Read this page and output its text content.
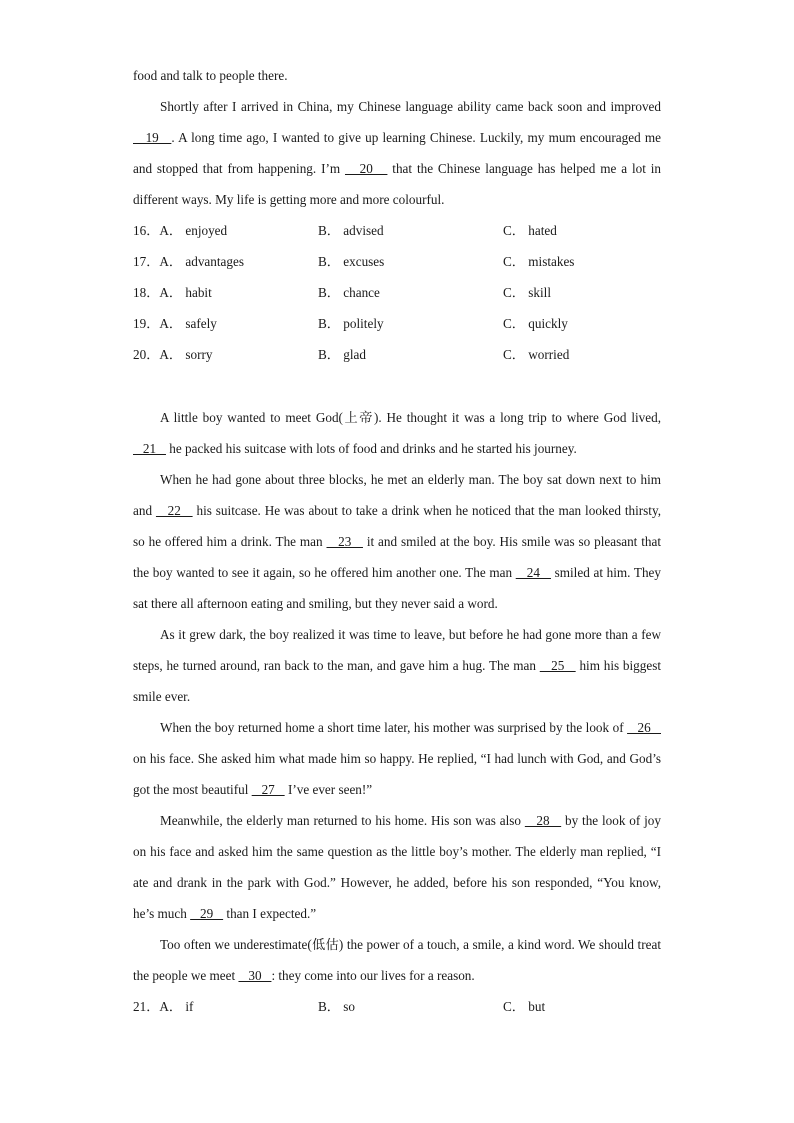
food and talk to people there.

Shortly after I arrived in China, my Chinese language ability came back soon and improved    19   . A long time ago, I wanted to give up learning Chinese. Luckily, my mum encouraged me and stopped that from happening. I’m    20    that the Chinese language has helped me a lot in different ways. My life is getting more and more colourful.

16．A． enjoyed	B． advised	C． hated
17．A． advantages	B． excuses	C． mistakes
18．A． habit	B． chance	C． skill
19．A． safely	B． politely	C． quickly
20．A． sorry	B． glad	C． worried

A little boy wanted to meet God(上帝). He thought it was a long trip to where God lived,    21    he packed his suitcase with lots of food and drinks and he started his journey.

When he had gone about three blocks, he met an elderly man. The boy sat down next to him and    22    his suitcase. He was about to take a drink when he noticed that the man looked thirsty, so he offered him a drink. The man    23    it and smiled at the boy. His smile was so pleasant that the boy wanted to see it again, so he offered him another one. The man    24    smiled at him. They sat there all afternoon eating and smiling, but they never said a word.

As it grew dark, the boy realized it was time to leave, but before he had gone more than a few steps, he turned around, ran back to the man, and gave him a hug. The man    25    him his biggest smile ever.

When the boy returned home a short time later, his mother was surprised by the look of    26    on his face. She asked him what made him so happy. He replied, “I had lunch with God, and God’s got the most beautiful    27    I’ve ever seen!”

Meanwhile, the elderly man returned to his home. His son was also    28    by the look of joy on his face and asked him the same question as the little boy’s mother. The elderly man replied, “I ate and drank in the park with God.” However, he added, before his son responded, “You know, he’s much    29    than I expected.”

Too often we underestimate(低估) the power of a touch, a smile, a kind word. We should treat the people we meet    30   : they come into our lives for a reason.

21．A． if	B． so	C． but
